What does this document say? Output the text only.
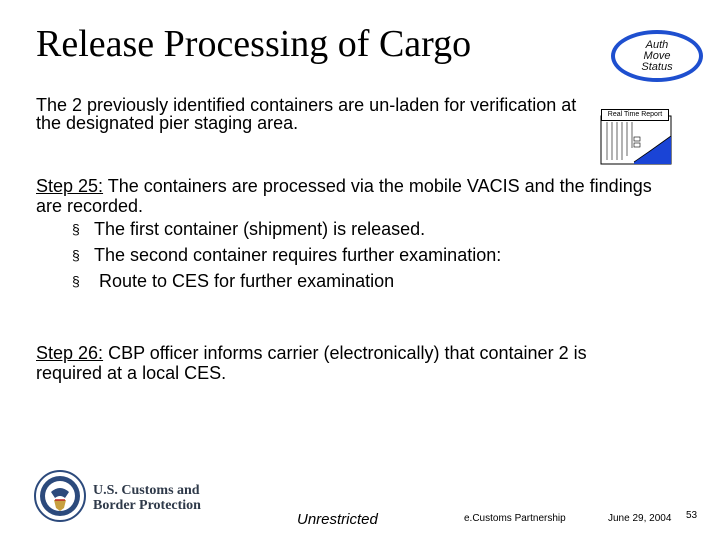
Release Processing of Cargo	Auth
Move
Status
The 2 previously identified containers are un-laden for verification at the designated pier staging area.	Real Time Report
Step 25: The containers are processed via the mobile VACIS and the findings are recorded.
§ The first container (shipment) is released.
§ The second container requires further examination:
§ Route to CES for further examination
Step 26: CBP officer informs carrier (electronically) that container 2 is required at a local CES.
U.S. Customs and
Border Protection
Unrestricted	e.Customs Partnership	June 29, 2004 53
